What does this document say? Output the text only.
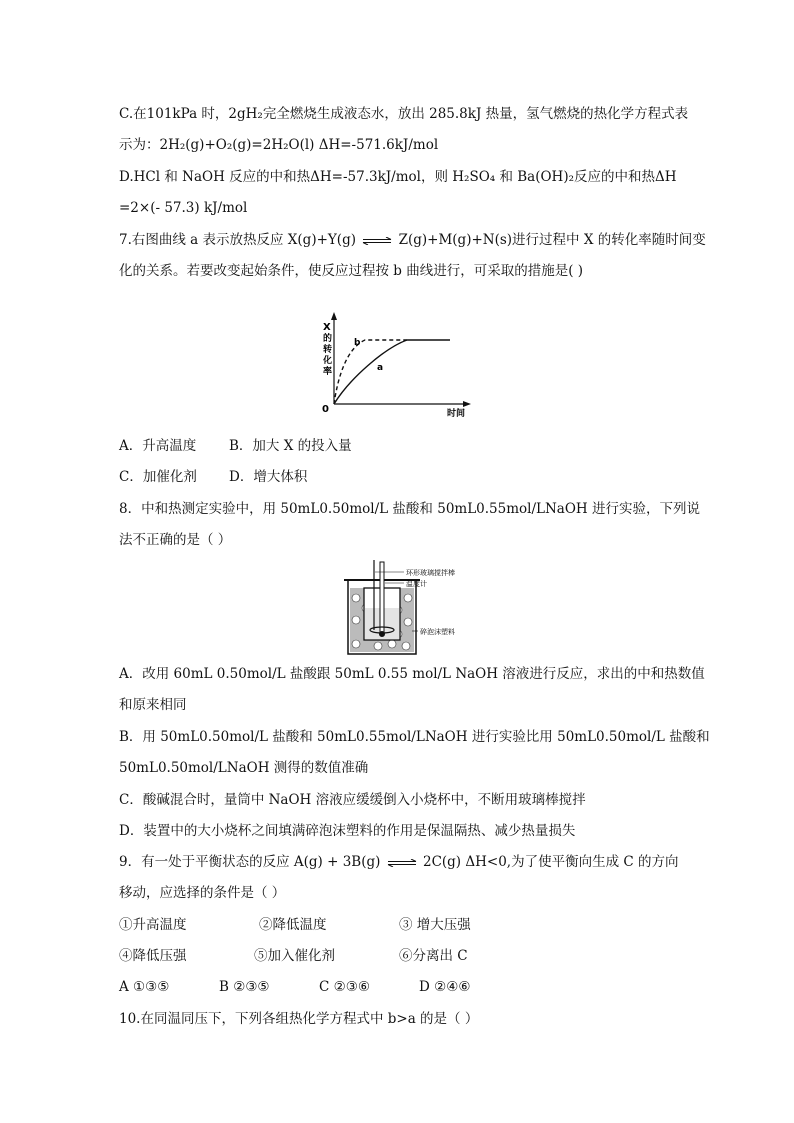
C.在101kPa 时，2gH₂完全燃烧生成液态水，放出 285.8kJ 热量，氢气燃烧的热化学方程式表
示为：2H₂(g)+O₂(g)=2H₂O(l) ΔH=-571.6kJ/mol
D.HCl 和 NaOH 反应的中和热ΔH=-57.3kJ/mol，则 H₂SO₄ 和 Ba(OH)₂反应的中和热ΔH
=2×(- 57.3) kJ/mol
7.右图曲线 a 表示放热反应 X(g)+Y(g) ⇌ Z(g)+M(g)+N(s)进行过程中 X 的转化率随时间变
化的关系。若要改变起始条件，使反应过程按 b 曲线进行，可采取的措施是( )
X
的
转
化
率
0	时间
a
b
A．升高温度 B．加大 X 的投入量
C．加催化剂 D．增大体积
8．中和热测定实验中，用 50mL0.50mol/L 盐酸和 50mL0.55mol/LNaOH 进行实验，下列说
法不正确的是（ ）
环形玻璃搅拌棒
温度计
碎泡沫塑料
A．改用 60mL 0.50mol/L 盐酸跟 50mL 0.55 mol/L NaOH 溶液进行反应，求出的中和热数值
和原来相同
B．用 50mL0.50mol/L 盐酸和 50mL0.55mol/LNaOH 进行实验比用 50mL0.50mol/L 盐酸和
50mL0.50mol/LNaOH 测得的数值准确
C．酸碱混合时，量筒中 NaOH 溶液应缓缓倒入小烧杯中，不断用玻璃棒搅拌
D．装置中的大小烧杯之间填满碎泡沫塑料的作用是保温隔热、减少热量损失
9．有一处于平衡状态的反应 A(g) + 3B(g) ⇌ 2C(g) ΔH<0,为了使平衡向生成 C 的方向
移动，应选择的条件是（ ）
①升高温度	②降低温度	③ 增大压强
④降低压强	⑤加入催化剂	⑥分离出 C
A ①③⑤	B ②③⑤	C ②③⑥	D ②④⑥
10.在同温同压下，下列各组热化学方程式中 b>a 的是（ ）
